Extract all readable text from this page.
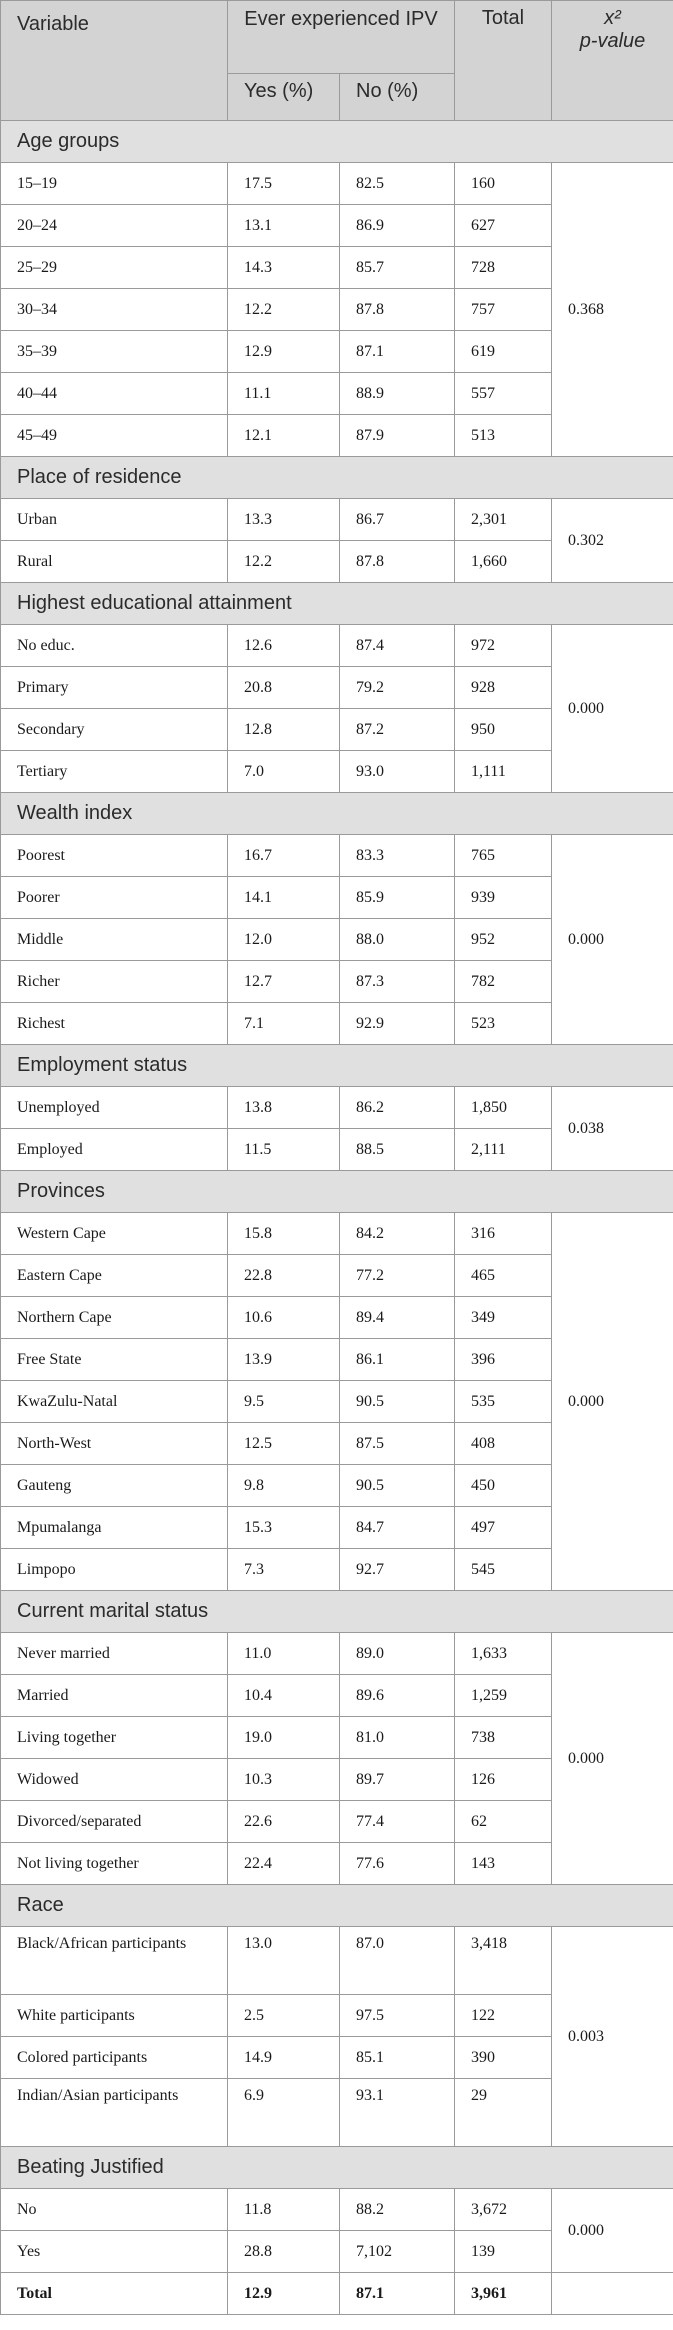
Variable	Ever experienced IPV		Total	x²
p-value
	Yes (%)	No (%)		
Age groups				
15–19	17.5	82.5	160	0.368
20–24	13.1	86.9	627	
25–29	14.3	85.7	728	
30–34	12.2	87.8	757	
35–39	12.9	87.1	619	
40–44	11.1	88.9	557	
45–49	12.1	87.9	513	
Place of residence				
Urban	13.3	86.7	2,301	0.302
Rural	12.2	87.8	1,660	
Highest educational attainment				
No educ.	12.6	87.4	972	0.000
Primary	20.8	79.2	928	
Secondary	12.8	87.2	950	
Tertiary	7.0	93.0	1,111	
Wealth index				
Poorest	16.7	83.3	765	0.000
Poorer	14.1	85.9	939	
Middle	12.0	88.0	952	
Richer	12.7	87.3	782	
Richest	7.1	92.9	523	
Employment status				
Unemployed	13.8	86.2	1,850	0.038
Employed	11.5	88.5	2,111	
Provinces				
Western Cape	15.8	84.2	316	0.000
Eastern Cape	22.8	77.2	465	
Northern Cape	10.6	89.4	349	
Free State	13.9	86.1	396	
KwaZulu-Natal	9.5	90.5	535	
North-West	12.5	87.5	408	
Gauteng	9.8	90.5	450	
Mpumalanga	15.3	84.7	497	
Limpopo	7.3	92.7	545	
Current marital status				
Never married	11.0	89.0	1,633	0.000
Married	10.4	89.6	1,259	
Living together	19.0	81.0	738	
Widowed	10.3	89.7	126	
Divorced/separated	22.6	77.4	62	
Not living together	22.4	77.6	143	
Race				
Black/African participants	13.0	87.0	3,418	0.003
White participants	2.5	97.5	122	
Colored participants	14.9	85.1	390	
Indian/Asian participants	6.9	93.1	29	
Beating Justified				
No	11.8	88.2	3,672	0.000
Yes	28.8	7,102	139	
Total	12.9	87.1	3,961	
